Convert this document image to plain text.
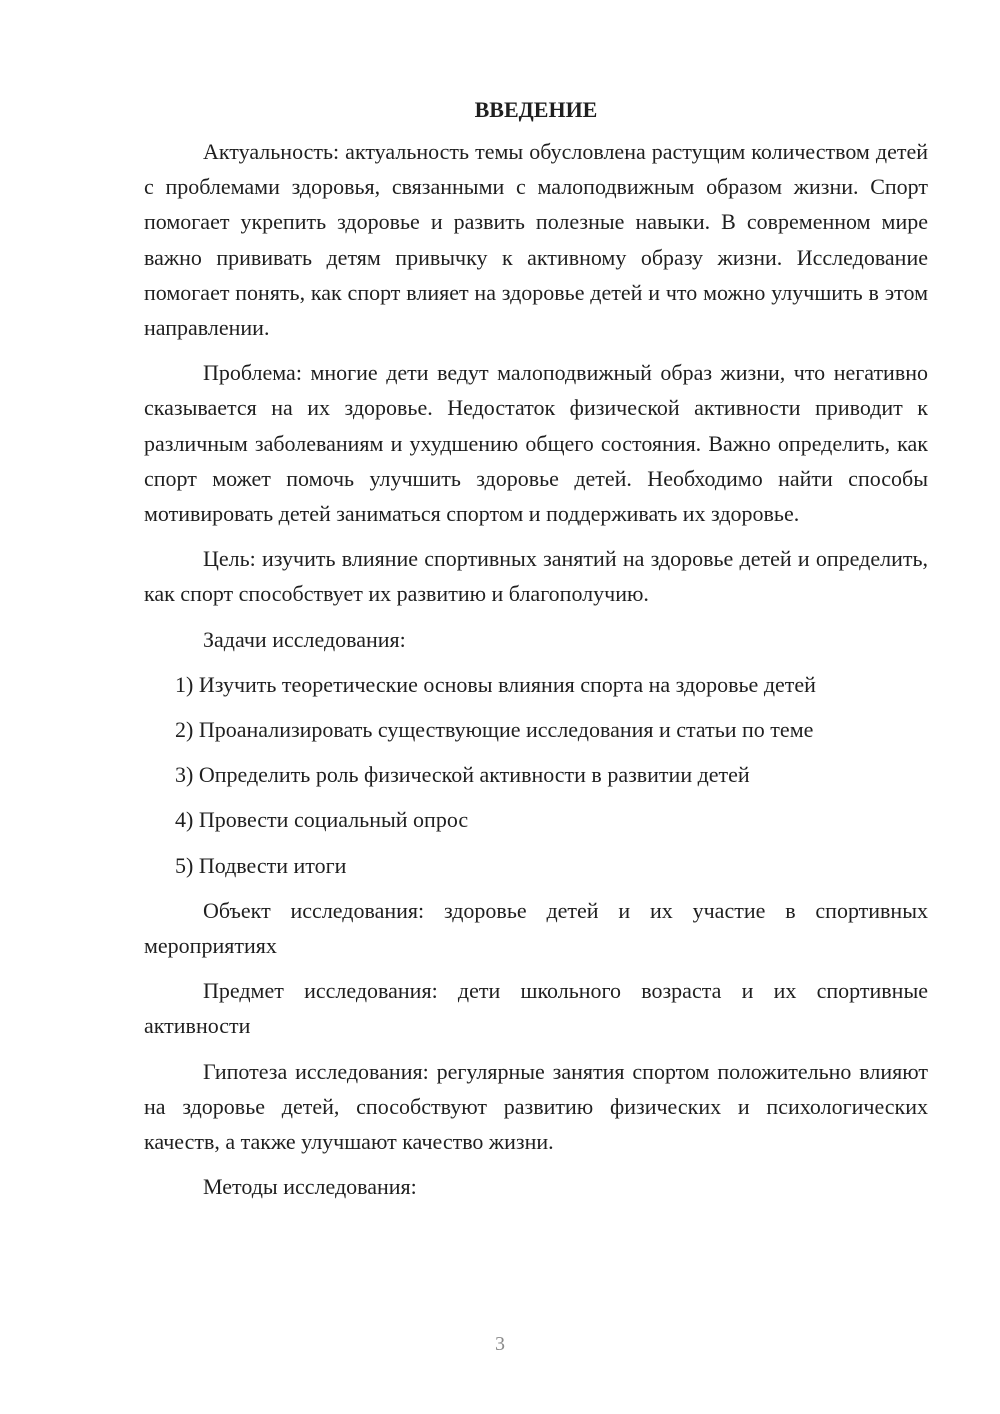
ВВЕДЕНИЕ

Актуальность: актуальность темы обусловлена растущим количеством детей с проблемами здоровья, связанными с малоподвижным образом жизни. Спорт помогает укрепить здоровье и развить полезные навыки. В современном мире важно прививать детям привычку к активному образу жизни. Исследование помогает понять, как спорт влияет на здоровье детей и что можно улучшить в этом направлении.

Проблема: многие дети ведут малоподвижный образ жизни, что негативно сказывается на их здоровье. Недостаток физической активности приводит к различным заболеваниям и ухудшению общего состояния. Важно определить, как спорт может помочь улучшить здоровье детей. Необходимо найти способы мотивировать детей заниматься спортом и поддерживать их здоровье.

Цель: изучить влияние спортивных занятий на здоровье детей и определить, как спорт способствует их развитию и благополучию.

Задачи исследования:

1) Изучить теоретические основы влияния спорта на здоровье детей
2) Проанализировать существующие исследования и статьи по теме
3) Определить роль физической активности в развитии детей
4) Провести социальный опрос
5) Подвести итоги

Объект исследования: здоровье детей и их участие в спортивных мероприятиях

Предмет исследования: дети школьного возраста и их спортивные активности

Гипотеза исследования: регулярные занятия спортом положительно влияют на здоровье детей, способствуют развитию физических и психологических качеств, а также улучшают качество жизни.

Методы исследования:

3
